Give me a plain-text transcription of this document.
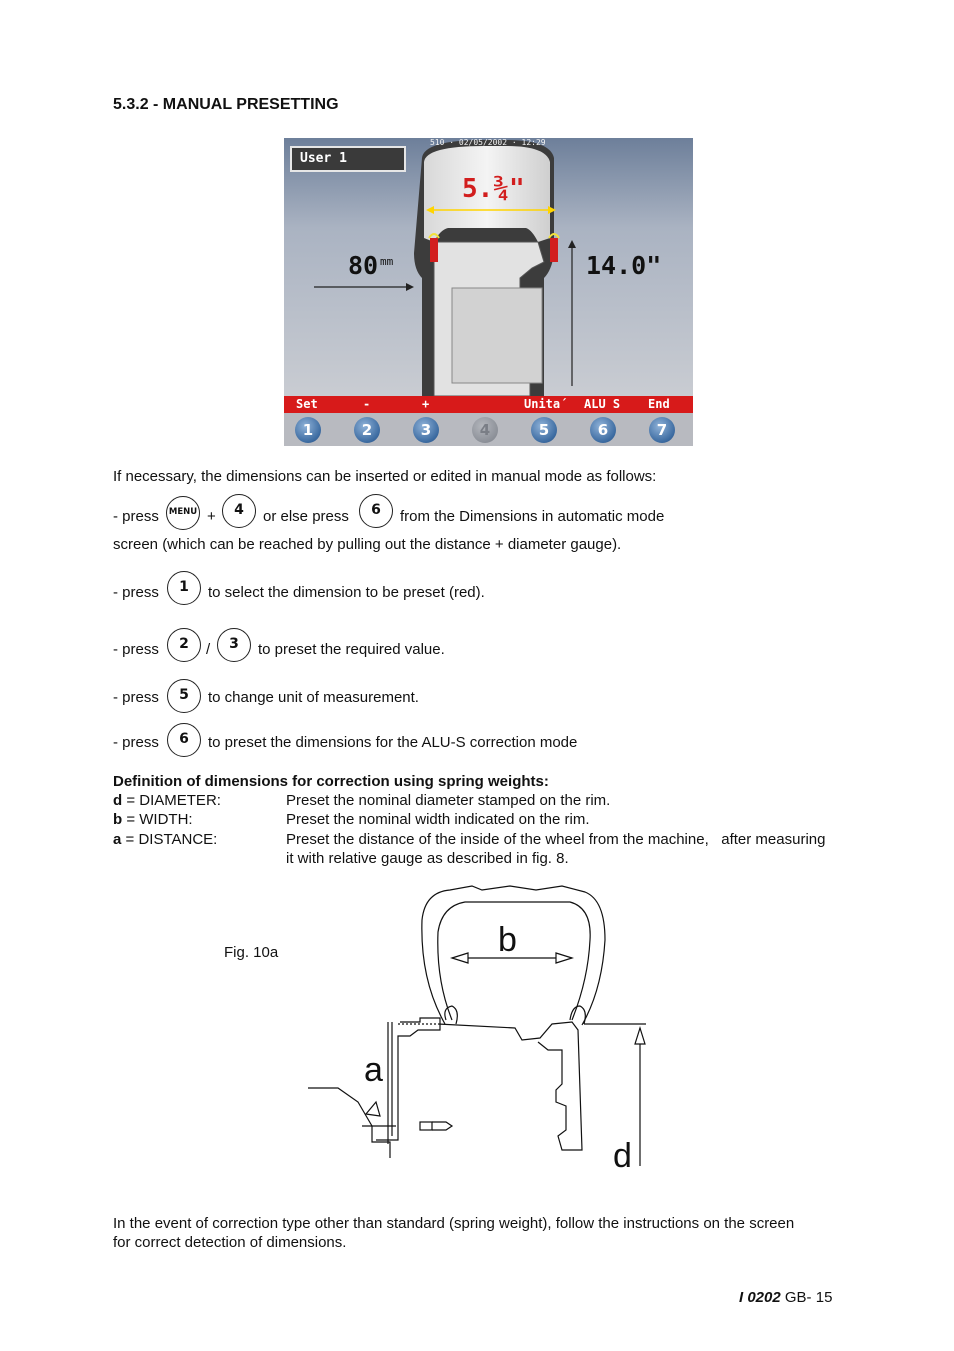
5.3.2 - MANUAL PRESETTING
User 1
510 · 02/05/2002 · 12:29
5.¾"
80 mm	14.0"
Set	-	+	Unita´ ALU S End
1	2	3	4	5	6	7
If necessary, the dimensions can be inserted or edited in manual mode as follows:
- press	MENU +	4	or else press	6	from the Dimensions in automatic mode
screen (which can be reached by pulling out the distance + diameter gauge).
- press	1	to select the dimension to be preset (red).
- press	2	/	3	to preset the required value.
- press	5	to change unit of measurement.
- press	6	to preset the dimensions for the ALU-S correction mode
Definition of dimensions for correction using spring weights:
d = DIAMETER:	Preset the nominal diameter stamped on the rim.
b = WIDTH:	Preset the nominal width indicated on the rim.
a = DISTANCE:	Preset the distance of the inside of the wheel from the machine,   after measuring
it with relative gauge as described in fig. 8.
Fig. 10a	b
a
d
In the event of correction type other than standard (spring weight), follow the instructions on the screen
for correct detection of dimensions.
I 0202 GB- 15
